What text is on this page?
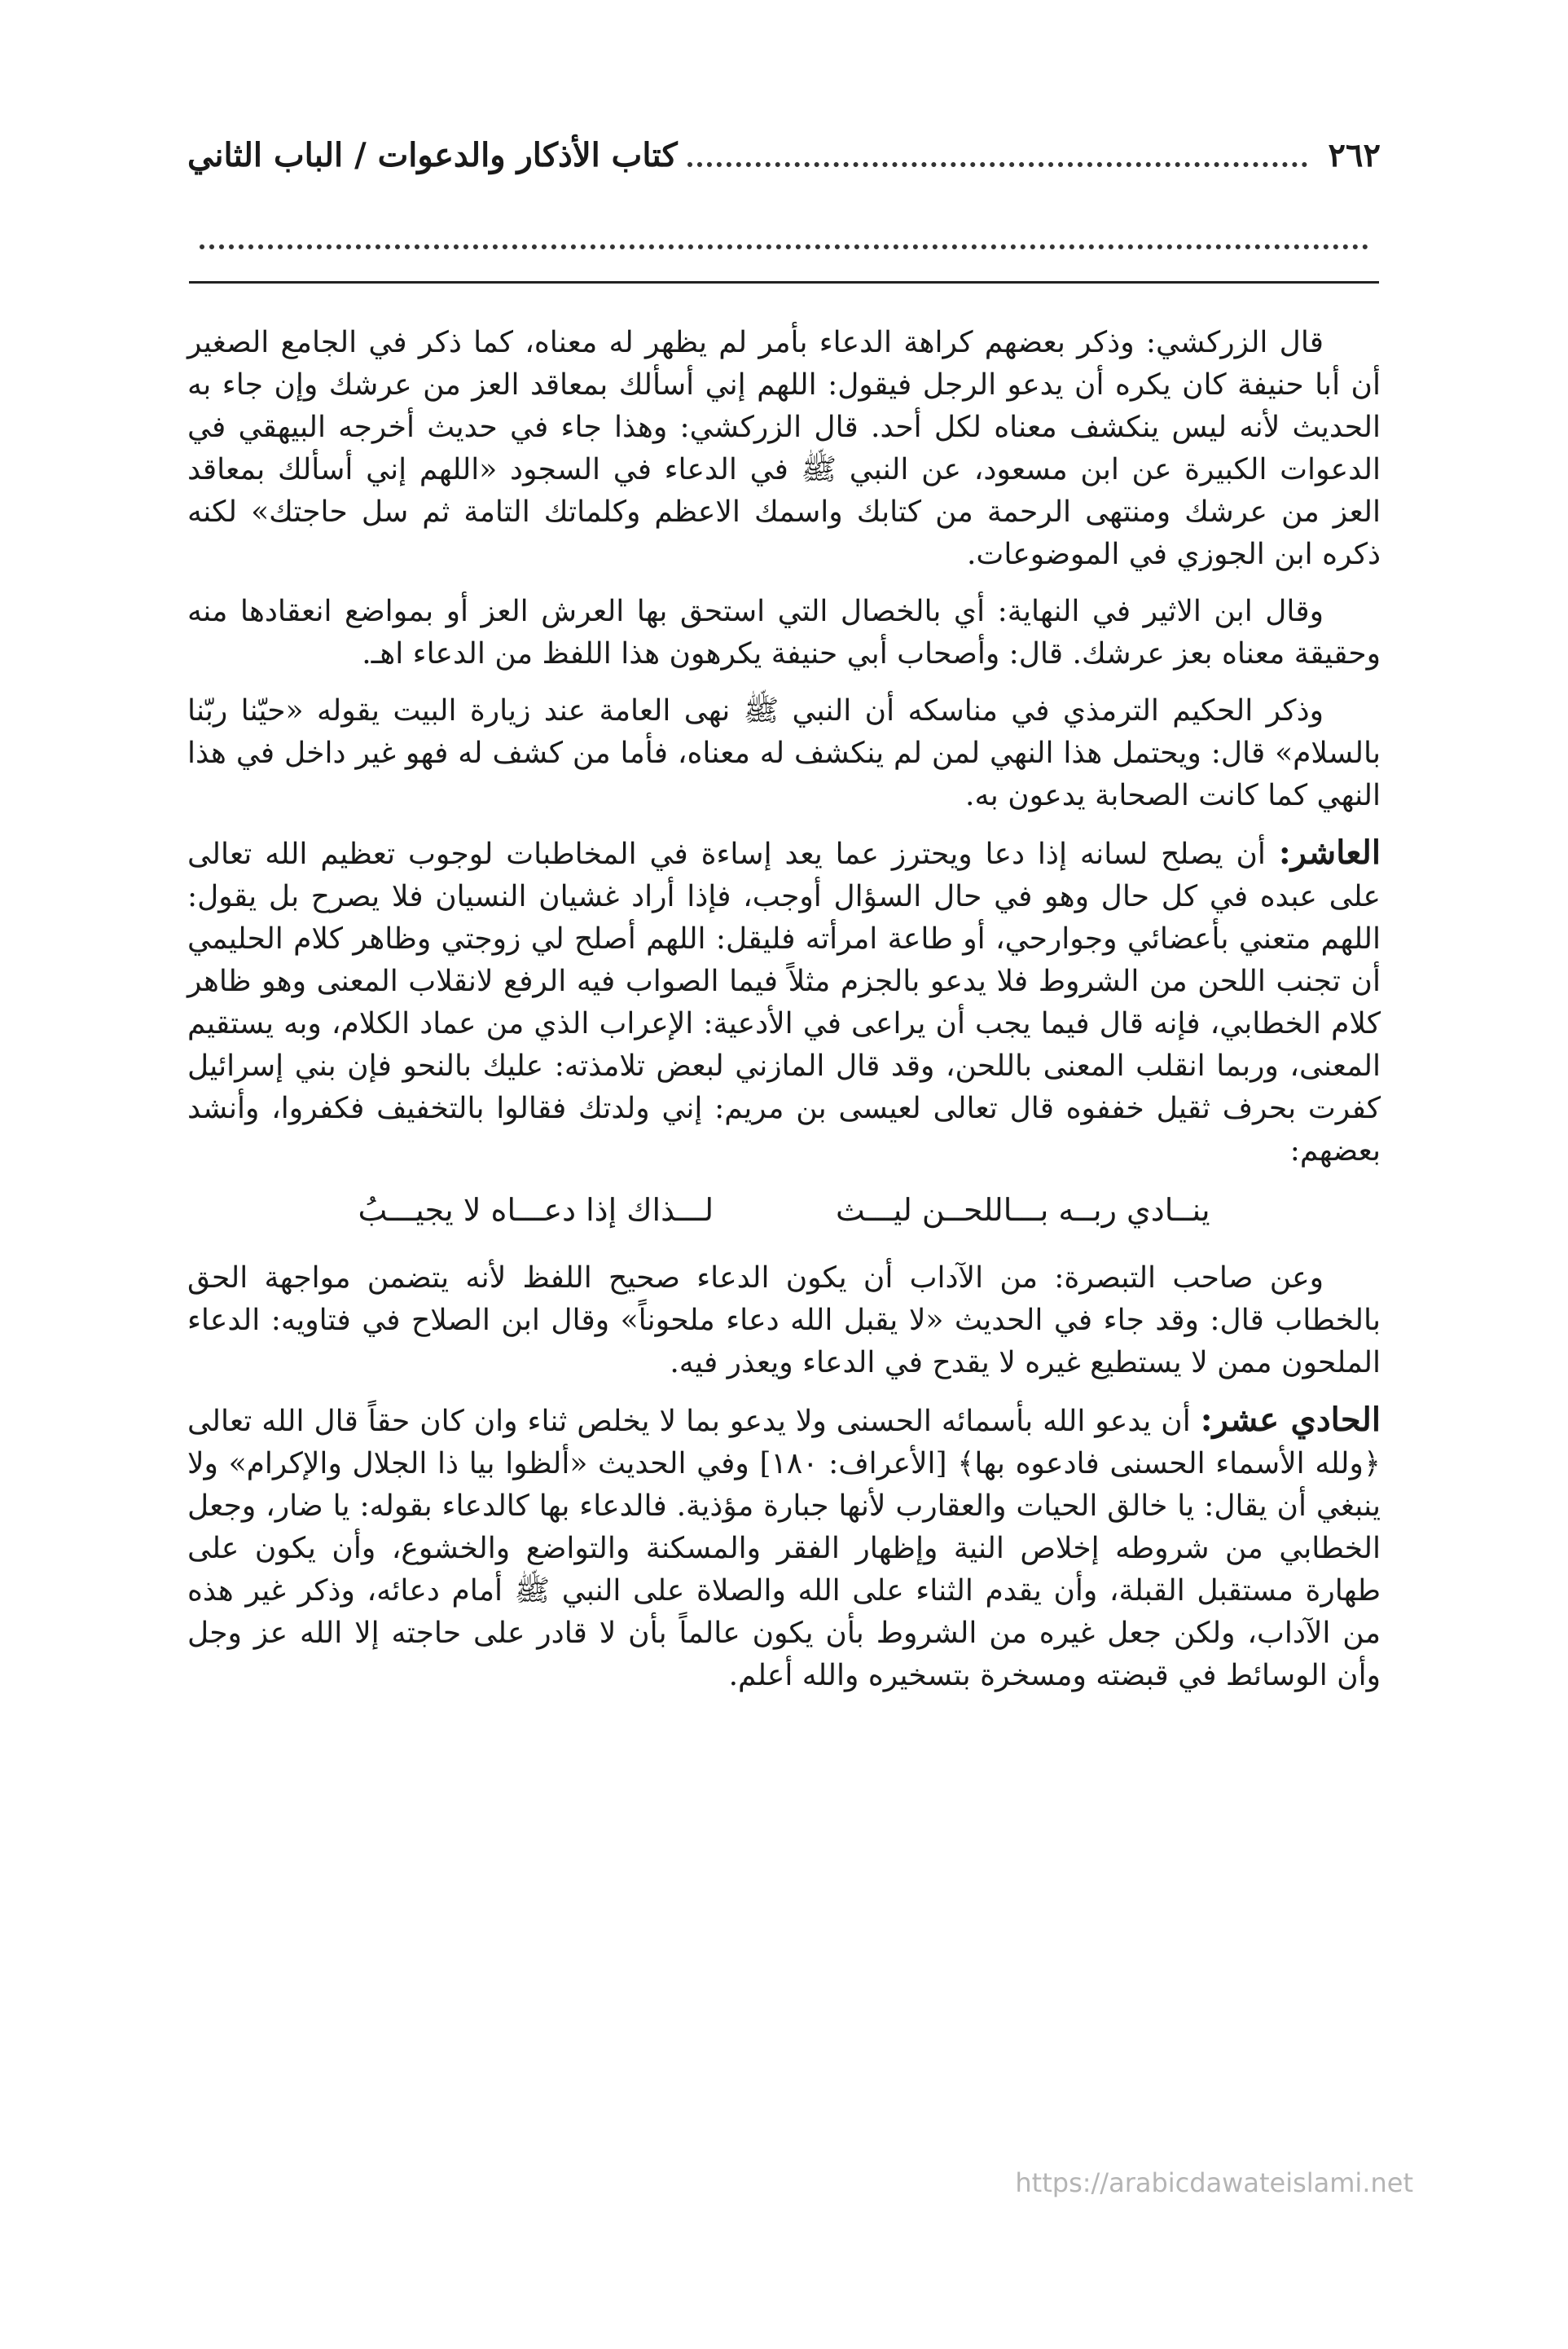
٢٦٢
كتاب الأذكار والدعوات / الباب الثاني

قال الزركشي: وذكر بعضهم كراهة الدعاء بأمر لم يظهر له معناه، كما ذكر في الجامع الصغير أن أبا حنيفة كان يكره أن يدعو الرجل فيقول: اللهم إني أسألك بمعاقد العز من عرشك وإن جاء به الحديث لأنه ليس ينكشف معناه لكل أحد. قال الزركشي: وهذا جاء في حديث أخرجه البيهقي في الدعوات الكبيرة عن ابن مسعود، عن النبي ﷺ في الدعاء في السجود «اللهم إني أسألك بمعاقد العز من عرشك ومنتهى الرحمة من كتابك واسمك الاعظم وكلماتك التامة ثم سل حاجتك» لكنه ذكره ابن الجوزي في الموضوعات.

وقال ابن الاثير في النهاية: أي بالخصال التي استحق بها العرش العز أو بمواضع انعقادها منه وحقيقة معناه بعز عرشك. قال: وأصحاب أبي حنيفة يكرهون هذا اللفظ من الدعاء اهـ.

وذكر الحكيم الترمذي في مناسكه أن النبي ﷺ نهى العامة عند زيارة البيت يقوله «حيّنا ربّنا بالسلام» قال: ويحتمل هذا النهي لمن لم ينكشف له معناه، فأما من كشف له فهو غير داخل في هذا النهي كما كانت الصحابة يدعون به.

العاشر: أن يصلح لسانه إذا دعا ويحترز عما يعد إساءة في المخاطبات لوجوب تعظيم الله تعالى على عبده في كل حال وهو في حال السؤال أوجب، فإذا أراد غشيان النسيان فلا يصرح بل يقول: اللهم متعني بأعضائي وجوارحي، أو طاعة امرأته فليقل: اللهم أصلح لي زوجتي وظاهر كلام الحليمي أن تجنب اللحن من الشروط فلا يدعو بالجزم مثلاً فيما الصواب فيه الرفع لانقلاب المعنى وهو ظاهر كلام الخطابي، فإنه قال فيما يجب أن يراعى في الأدعية: الإعراب الذي من عماد الكلام، وبه يستقيم المعنى، وربما انقلب المعنى باللحن، وقد قال المازني لبعض تلامذته: عليك بالنحو فإن بني إسرائيل كفرت بحرف ثقيل خففوه قال تعالى لعيسى بن مريم: إني ولدتك فقالوا بالتخفيف فكفروا، وأنشد بعضهم:

ينــادي ربــه بـــاللحــن ليـــث
لـــذاك إذا دعـــاه لا يجيـــبُ

وعن صاحب التبصرة: من الآداب أن يكون الدعاء صحيح اللفظ لأنه يتضمن مواجهة الحق بالخطاب قال: وقد جاء في الحديث «لا يقبل الله دعاء ملحوناً» وقال ابن الصلاح في فتاويه: الدعاء الملحون ممن لا يستطيع غيره لا يقدح في الدعاء ويعذر فيه.

الحادي عشر: أن يدعو الله بأسمائه الحسنى ولا يدعو بما لا يخلص ثناء وان كان حقاً قال الله تعالى ﴿ولله الأسماء الحسنى فادعوه بها﴾ [الأعراف: ١٨٠] وفي الحديث «ألظوا بيا ذا الجلال والإكرام» ولا ينبغي أن يقال: يا خالق الحيات والعقارب لأنها جبارة مؤذية. فالدعاء بها كالدعاء بقوله: يا ضار، وجعل الخطابي من شروطه إخلاص النية وإظهار الفقر والمسكنة والتواضع والخشوع، وأن يكون على طهارة مستقبل القبلة، وأن يقدم الثناء على الله والصلاة على النبي ﷺ أمام دعائه، وذكر غير هذه من الآداب، ولكن جعل غيره من الشروط بأن يكون عالماً بأن لا قادر على حاجته إلا الله عز وجل وأن الوسائط في قبضته ومسخرة بتسخيره والله أعلم.

https://arabicdawateislami.net
